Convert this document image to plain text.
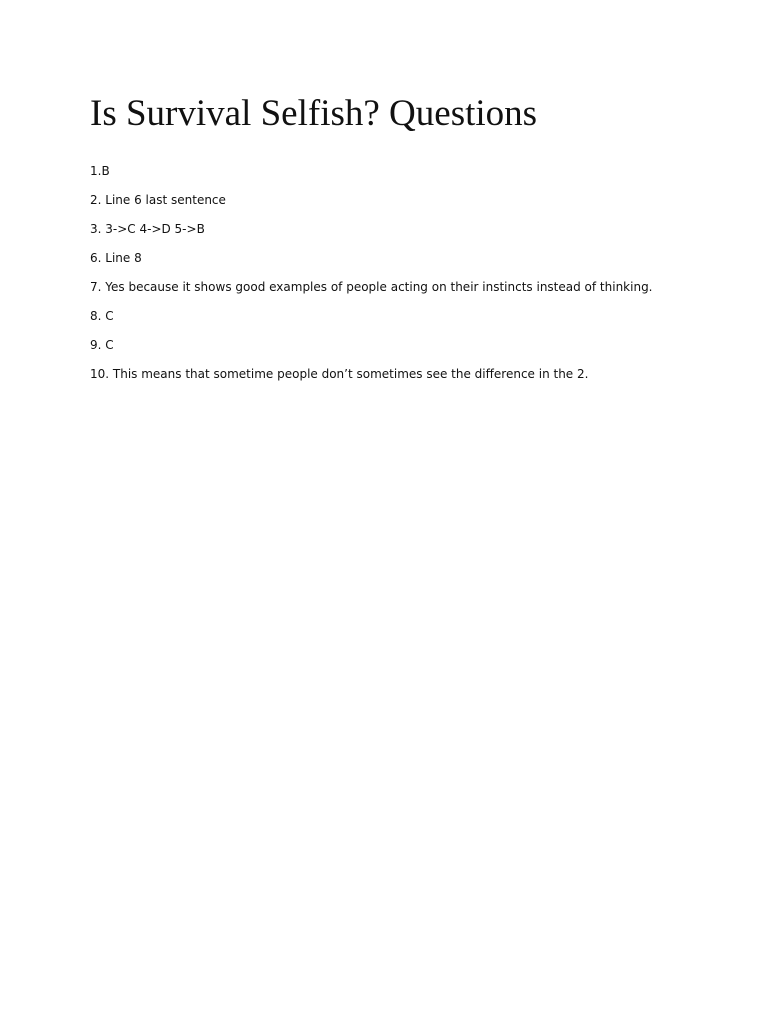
Is Survival Selfish? Questions
1.B
2. Line 6 last sentence
3. 3->C 4->D 5->B
6. Line 8
7. Yes because it shows good examples of people acting on their instincts instead of thinking.
8. C
9. C
10. This means that sometime people don’t sometimes see the difference in the 2.
